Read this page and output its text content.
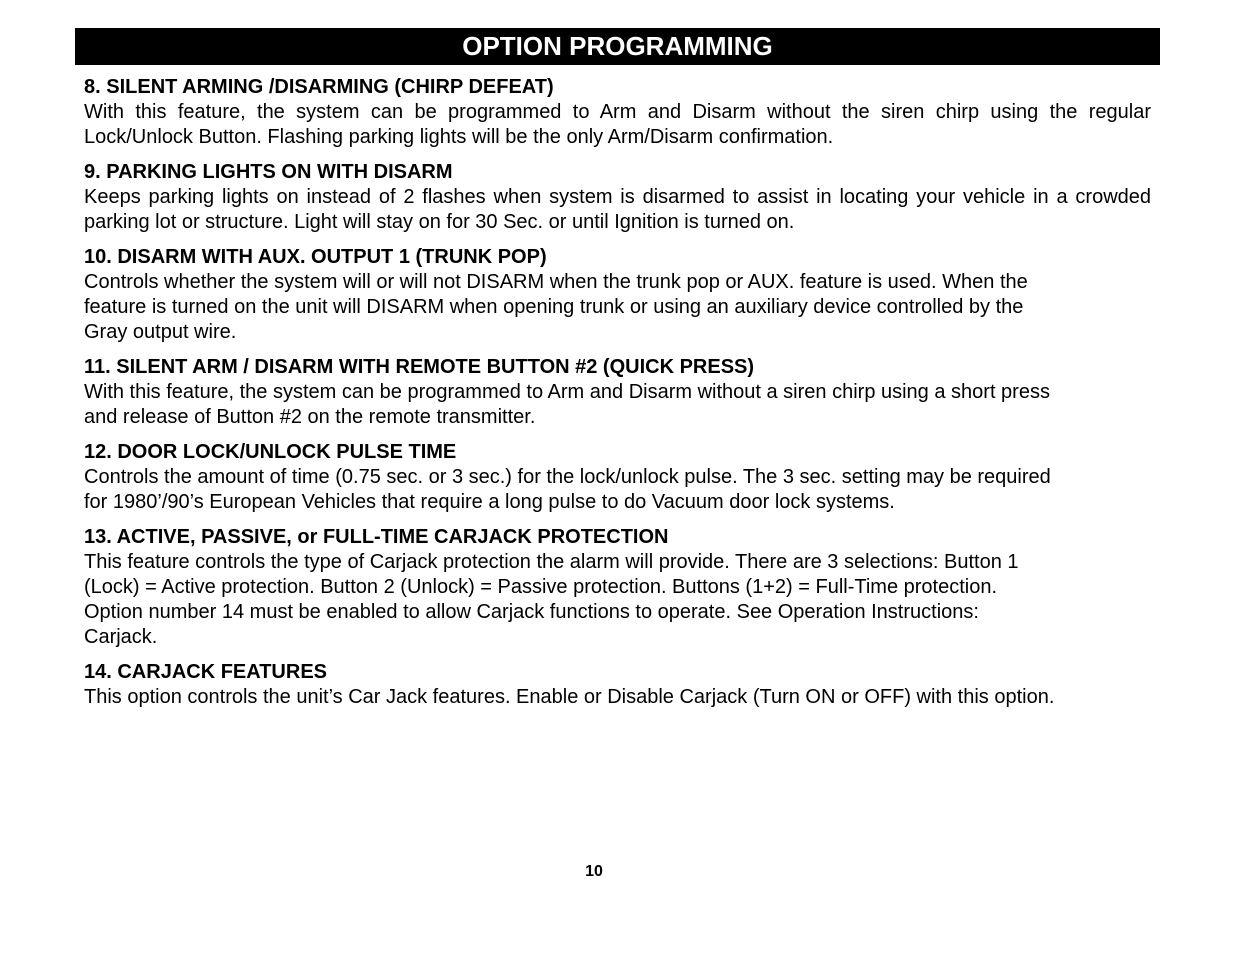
OPTION PROGRAMMING

8. SILENT ARMING /DISARMING (CHIRP DEFEAT)

With this feature, the system can be programmed to Arm and Disarm without the siren chirp using the regular Lock/Unlock Button. Flashing parking lights will be the only Arm/Disarm confirmation.

9. PARKING LIGHTS ON WITH DISARM

Keeps parking lights on instead of 2 flashes when system is disarmed to assist in locating your vehicle in a crowded parking lot or structure. Light will stay on for 30 Sec. or until Ignition is turned on.

10. DISARM WITH AUX. OUTPUT 1 (TRUNK POP)

Controls whether the system will or will not DISARM when the trunk pop or AUX. feature is used. When the
feature is turned on the unit will DISARM when opening trunk or using an auxiliary device controlled by the
Gray output wire.

11. SILENT ARM / DISARM WITH REMOTE BUTTON #2 (QUICK PRESS)

With this feature, the system can be programmed to Arm and Disarm without a siren chirp using a short press
and release of Button #2 on the remote transmitter.

12. DOOR LOCK/UNLOCK PULSE TIME

Controls the amount of time (0.75 sec. or 3 sec.) for the lock/unlock pulse. The 3 sec. setting may be required
for 1980’/90’s European Vehicles that require a long pulse to do Vacuum door lock systems.

13. ACTIVE, PASSIVE, or FULL-TIME CARJACK PROTECTION

This feature controls the type of Carjack protection the alarm will provide. There are 3 selections: Button 1
(Lock) = Active protection. Button 2 (Unlock) = Passive protection. Buttons (1+2) = Full-Time protection.
Option number 14 must be enabled to allow Carjack functions to operate. See Operation Instructions:
Carjack.

14. CARJACK FEATURES

This option controls the unit’s Car Jack features. Enable or Disable Carjack (Turn ON or OFF) with this option.

10
